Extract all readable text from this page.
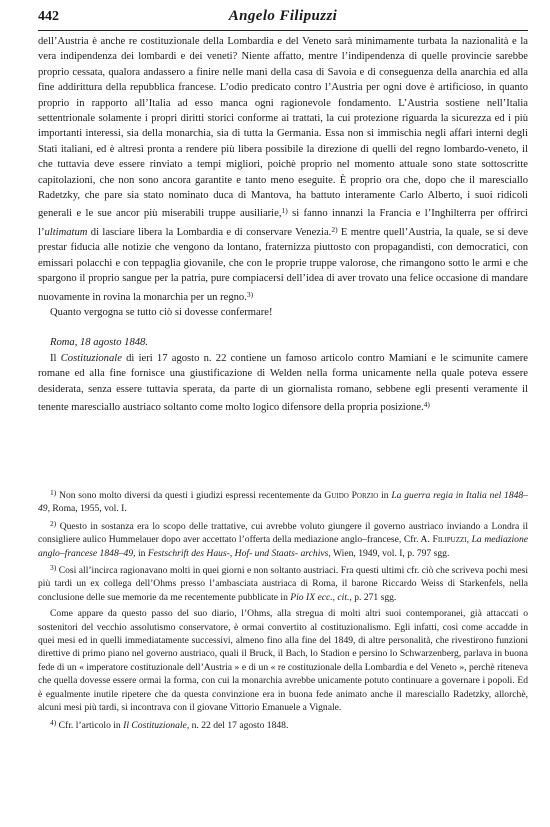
442	Angelo Filipuzzi

dell’Austria è anche re costituzionale della Lombardia e del Veneto sarà minimamente turbata la nazionalità e la vera indipendenza dei lombardi e dei veneti? Niente affatto, mentre l’indipendenza di quelle provincie sarebbe proprio cessata, qualora andassero a finire nelle mani della casa di Savoia e di conseguenza della anarchia ed alla fine addirittura della repubblica francese. L’odio predicato contro l’Austria per ogni dove è artificioso, in quanto proprio in rapporto all’Italia ad esso manca ogni ragionevole fondamento. L’Austria sostiene nell’Italia settentrionale solamente i propri diritti storici conforme ai trattati, la cui protezione riguarda la sicurezza ed i più importanti interessi, sia della monarchia, sia di tutta la Germania. Essa non si immischia negli affari interni degli Stati italiani, ed è altresì pronta a rendere più libera possibile la direzione di quelli del regno lombardo-veneto, il che tuttavia deve essere rinviato a tempi migliori, poichè proprio nel momento attuale sono state sottoscritte capitolazioni, che non sono ancora garantite e tanto meno eseguite. È proprio ora che, dopo che il maresciallo Radetzky, che pare sia stato nominato duca di Mantova, ha battuto interamente Carlo Alberto, i suoi ridicoli generali e le sue ancor più miserabili truppe ausiliarie,$^{1)}$ si fanno innanzi la Francia e l’Inghilterra per offrirci l’ultimatum di lasciare libera la Lombardia e di conservare Venezia.$^{2)}$ E mentre quell’Austria, la quale, se si deve prestar fiducia alle notizie che vengono da lontano, fraternizza piuttosto con propagandisti, con democratici, con emissari polacchi e con teppaglia giovanile, che con le proprie truppe valorose, che rimangono sotto le armi e che spargono il proprio sangue per la patria, pure compiacersi dell’idea di aver trovato una felice occasione di mandare nuovamente in rovina la monarchia per un regno.$^{3)}$

Quanto vergogna se tutto ciò si dovesse confermare!

Roma, 18 agosto 1848.

Il Costituzionale di ieri 17 agosto n. 22 contiene un famoso articolo contro Mamiani e le scimunite camere romane ed alla fine fornisce una giustificazione di Welden nella forma unicamente nella quale poteva essere desiderata, senza essere tuttavia sperata, da parte di un giornalista romano, sebbene egli presenti veramente il tenente maresciallo austriaco soltanto come molto logico difensore della propria posizione.$^{4)}$

$^{1)}$ Non sono molto diversi da questi i giudizi espressi recentemente da Guido Porzio in La guerra regia in Italia nel 1848–49, Roma, 1955, vol. I.

$^{2)}$ Questo in sostanza era lo scopo delle trattative, cui avrebbe voluto giungere il governo austriaco inviando a Londra il consigliere aulico Hummelauer dopo aver accettato l’offerta della mediazione anglo–francese, Cfr. A. Filipuzzi, La mediazione anglo–francese 1848–49, in Festschrift des Haus-, Hof- und Staats- archivs, Wien, 1949, vol. I, p. 797 sgg.

$^{3)}$ Così all’incirca ragionavano molti in quei giorni e non soltanto austriaci. Fra questi ultimi cfr. ciò che scriveva pochi mesi più tardi un ex collega dell’Ohms presso l’ambasciata austriaca di Roma, il barone Riccardo Weiss di Starkenfels, nella conclusione delle sue memorie da me recentemente pubblicate in Pio IX ecc., cit., p. 271 sgg.

Come appare da questo passo del suo diario, l’Ohms, alla stregua di molti altri suoi contemporanei, già attaccati o sostenitori del vecchio assolutismo conservatore, è ormai convertito al costituzionalismo. Egli infatti, così come accadde in quei mesi ed in quelli immediatamente successivi, almeno fino alla fine del 1849, di altre personalità, che rivestirono funzioni direttive di primo piano nel governo austriaco, quali il Bruck, il Bach, lo Stadion e persino lo Schwarzenberg, parlava in buona fede di un « imperatore costituzionale dell’Austria » e di un « re costituzionale della Lombardia e del Veneto », perchè riteneva che quella dovesse essere ormai la forma, con cui la monarchia avrebbe unicamente potuto continuare a governare i popoli. Ed è egualmente inutile ripetere che da questa convinzione era in buona fede animato anche il maresciallo Radetzky, allorchè, alcuni mesi più tardi, si incontrava con il giovane Vittorio Emanuele a Vignale.

$^{4)}$ Cfr. l’articolo in Il Costituzionale, n. 22 del 17 agosto 1848.
